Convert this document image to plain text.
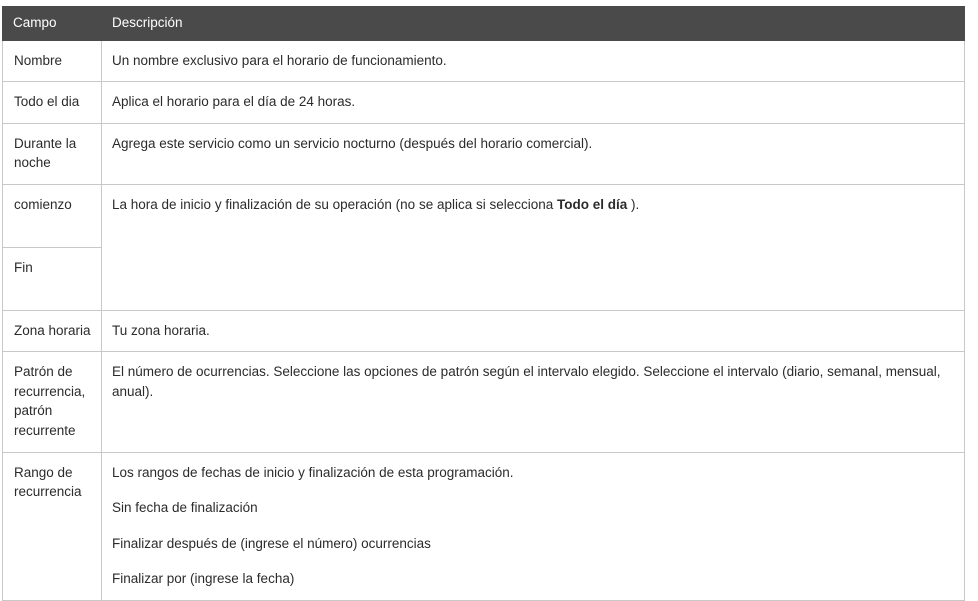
Campo	Descripción
Nombre	Un nombre exclusivo para el horario de funcionamiento.

Todo el dia	Aplica el horario para el día de 24 horas.

Durante la noche	Agrega este servicio como un servicio nocturno (después del horario comercial).

comienzo	La hora de inicio y finalización de su operación (no se aplica si selecciona Todo el día ).

Fin	
Zona horaria	Tu zona horaria.

Patrón de recurrencia, patrón recurrente	El número de ocurrencias. Seleccione las opciones de patrón según el intervalo elegido. Seleccione el intervalo (diario, semanal, mensual, anual).

Rango de recurrencia	Los rangos de fechas de inicio y finalización de esta programación.

Sin fecha de finalización

Finalizar después de (ingrese el número) ocurrencias

Finalizar por (ingrese la fecha)
